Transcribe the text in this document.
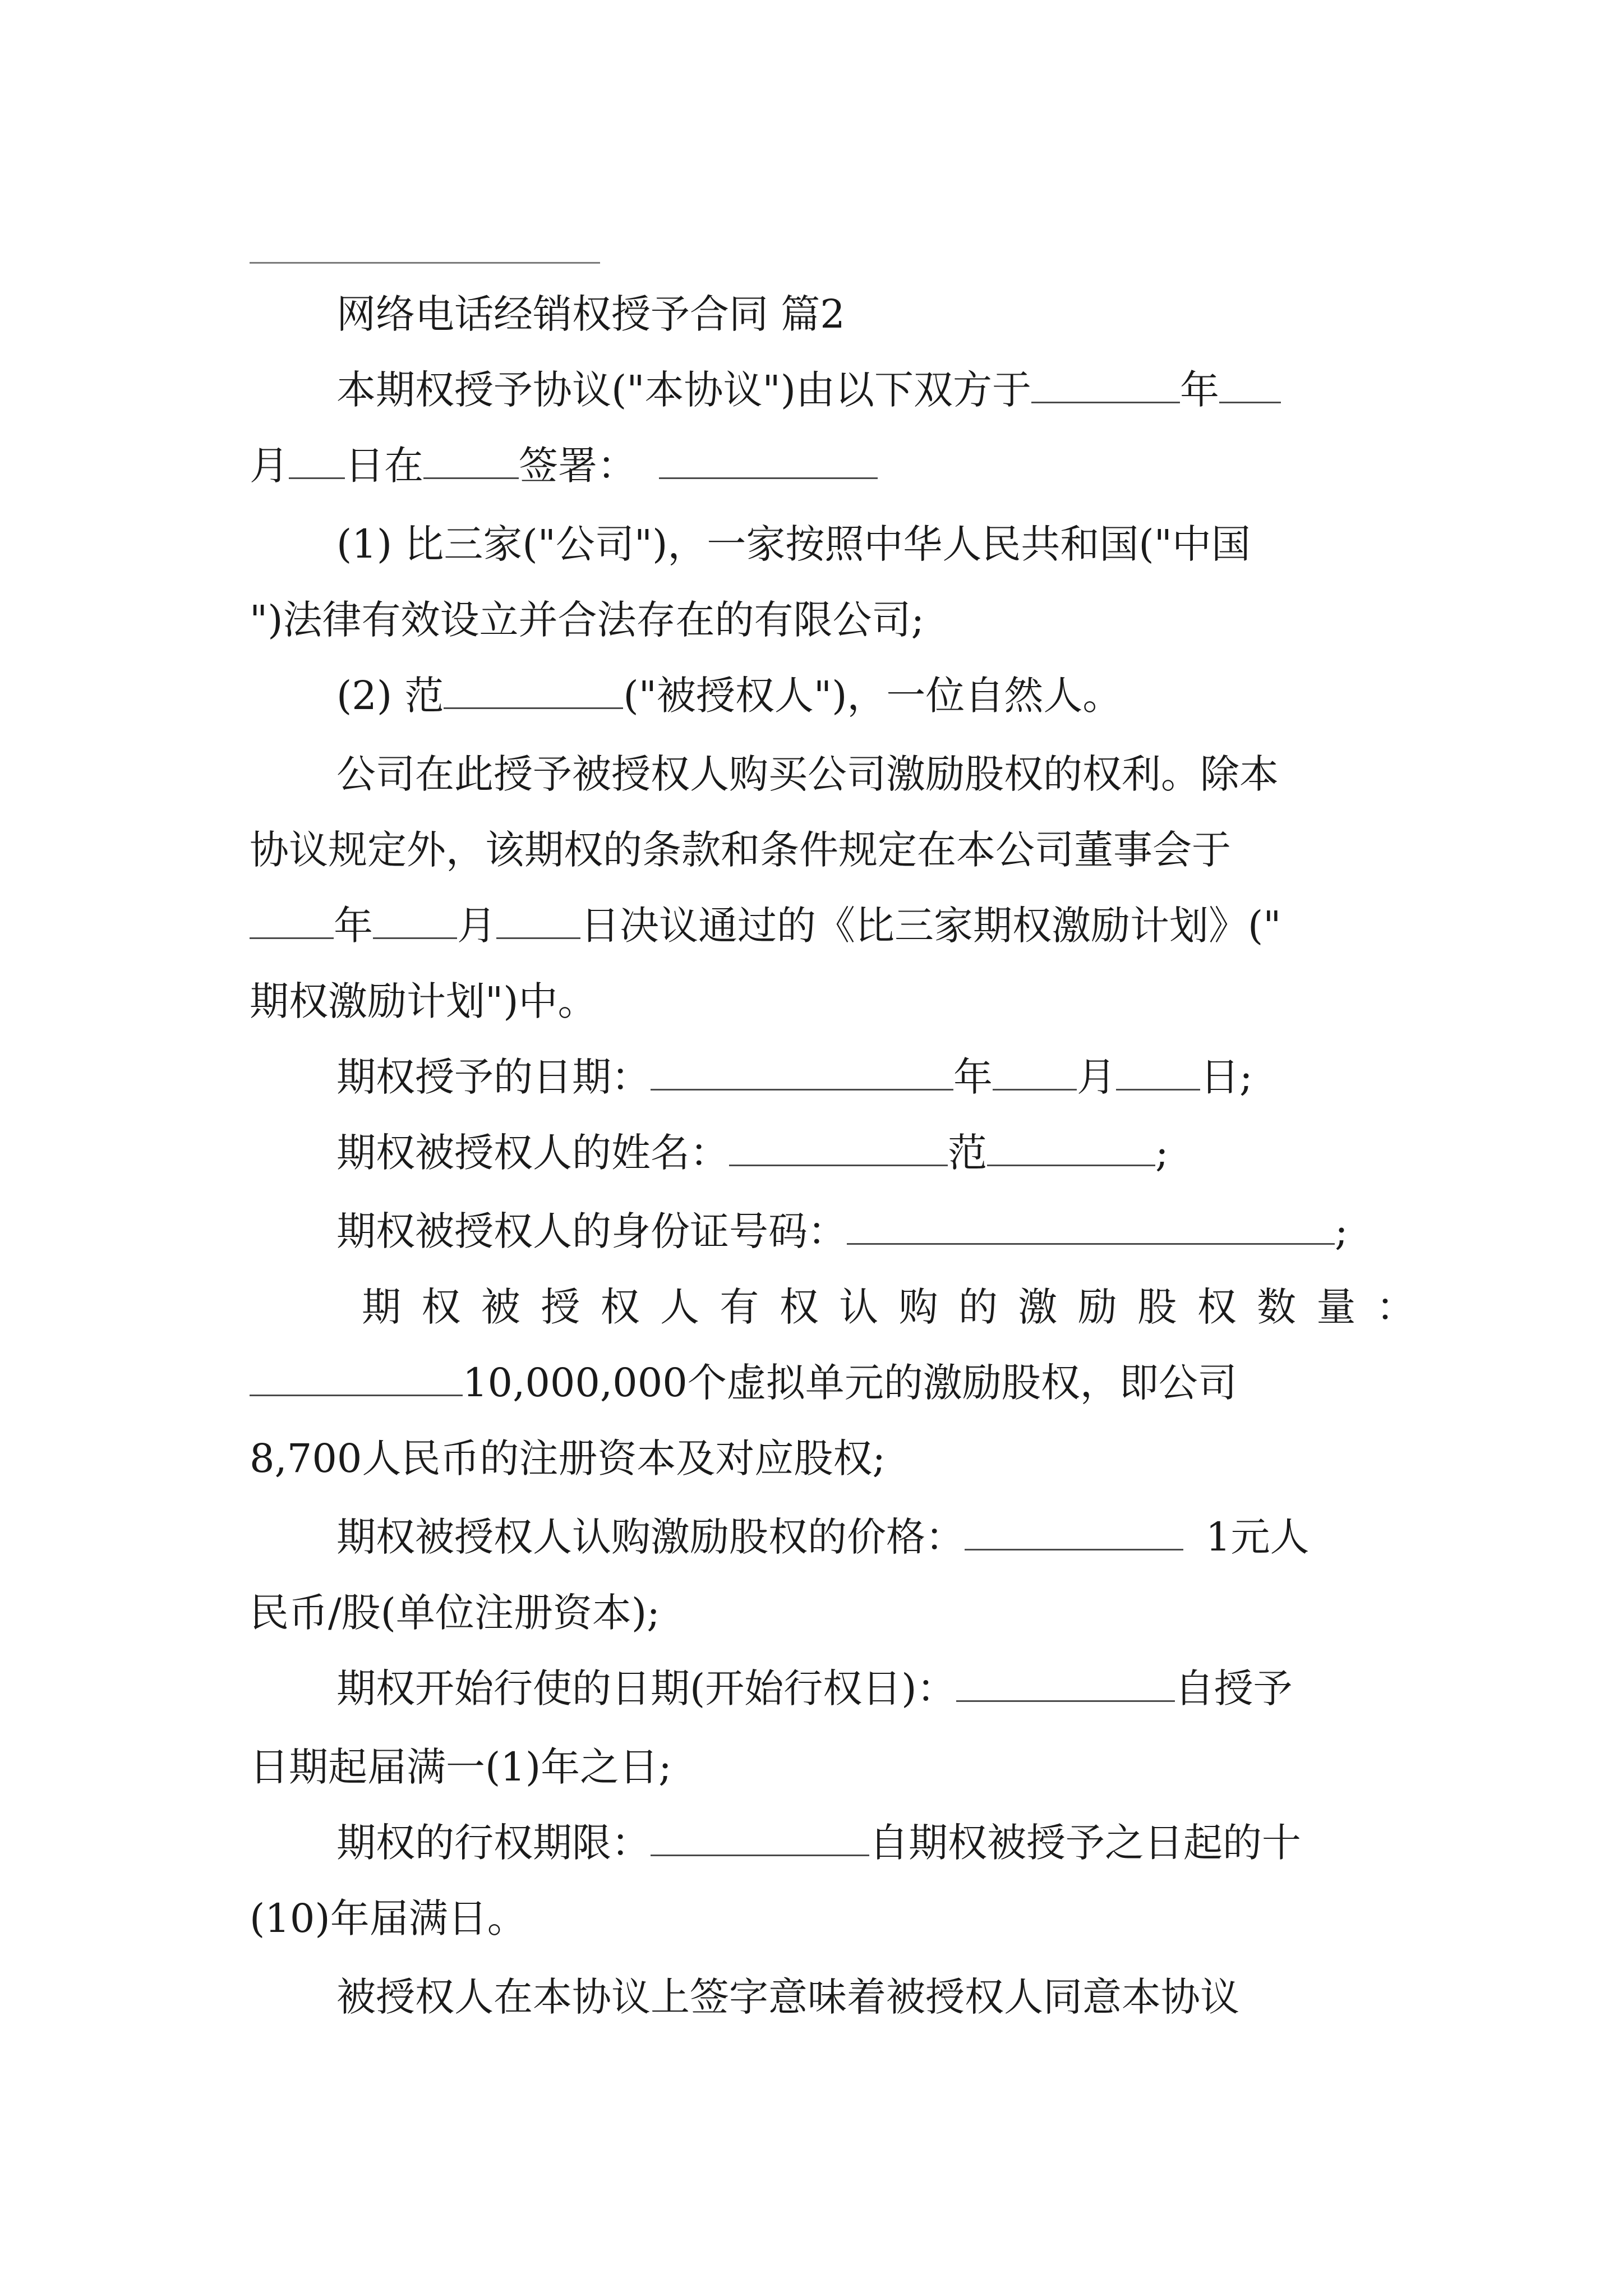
网络电话经销权授予合同 篇2
本期权授予协议("本协议")由以下双方于	年
月 日在 签署：
(1) 比三家("公司")，一家按照中华人民共和国("中国
")法律有效设立并合法存在的有限公司;
(2) 范	("被授权人")，一位自然人。
公司在此授予被授权人购买公司激励股权的权利。除本
协议规定外，该期权的条款和条件规定在本公司董事会于
年 月 日决议通过的《比三家期权激励计划》("
期权激励计划")中。
期权授予的日期：	年 月 日;
期权被授权人的姓名：	范	;
期权被授权人的身份证号码：	;
期权被授权人有权认购的激励股权数量：
10,000,000个虚拟单元的激励股权，即公司
8,700人民币的注册资本及对应股权;
期权被授权人认购激励股权的价格：	1元人
民币/股(单位注册资本);
期权开始行使的日期(开始行权日)：	自授予
日期起届满一(1)年之日;
期权的行权期限：	自期权被授予之日起的十
(10)年届满日。
被授权人在本协议上签字意味着被授权人同意本协议
